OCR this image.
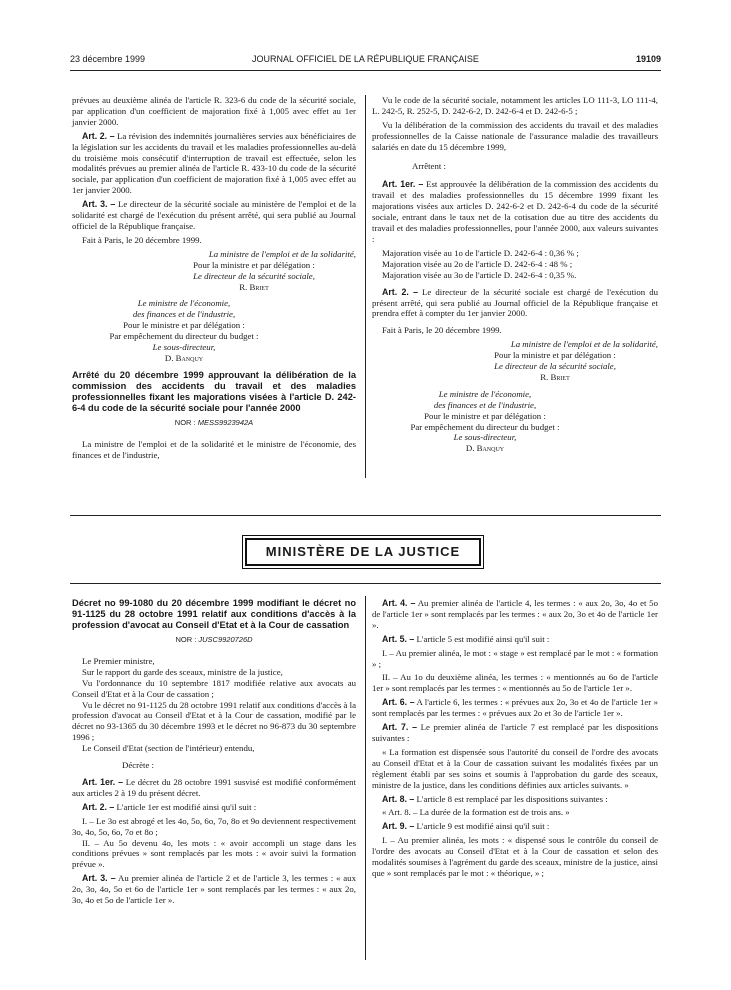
23 décembre 1999	JOURNAL OFFICIEL DE LA RÉPUBLIQUE FRANÇAISE	19109

prévues au deuxième alinéa de l'article R. 323-6 du code de la sécurité sociale, par application d'un coefficient de majoration fixé à 1,005 avec effet au 1er janvier 2000.

Art. 2. – La révision des indemnités journalières servies aux bénéficiaires de la législation sur les accidents du travail et les maladies professionnelles au-delà du troisième mois consécutif d'interruption de travail est effectuée, selon les modalités prévues au premier alinéa de l'article R. 433-10 du code de la sécurité sociale, par application d'un coefficient de majoration fixé à 1,005 avec effet au 1er janvier 2000.

Art. 3. – Le directeur de la sécurité sociale au ministère de l'emploi et de la solidarité est chargé de l'exécution du présent arrêté, qui sera publié au Journal officiel de la République française.

Fait à Paris, le 20 décembre 1999.

La ministre de l'emploi et de la solidarité,

Pour la ministre et par délégation :

Le directeur de la sécurité sociale,

R. Briet

Le ministre de l'économie,

des finances et de l'industrie,

Pour le ministre et par délégation :

Par empêchement du directeur du budget :

Le sous-directeur,

D. Banquy

Arrêté du 20 décembre 1999 approuvant la délibération de la commission des accidents du travail et des maladies professionnelles fixant les majorations visées à l'article D. 242-6-4 du code de la sécurité sociale pour l'année 2000

NOR : MESS9923942A

La ministre de l'emploi et de la solidarité et le ministre de l'économie, des finances et de l'industrie,

Vu le code de la sécurité sociale, notamment les articles LO 111-3, LO 111-4, L. 242-5, R. 252-5, D. 242-6-2, D. 242-6-4 et D. 242-6-5 ;

Vu la délibération de la commission des accidents du travail et des maladies professionnelles de la Caisse nationale de l'assurance maladie des travailleurs salariés en date du 15 décembre 1999,

Arrêtent :

Art. 1er. – Est approuvée la délibération de la commission des accidents du travail et des maladies professionnelles du 15 décembre 1999 fixant les majorations visées aux articles D. 242-6-2 et D. 242-6-4 du code de la sécurité sociale, entrant dans le taux net de la cotisation due au titre des accidents du travail et des maladies professionnelles, pour l'année 2000, aux valeurs suivantes :

Majoration visée au 1o de l'article D. 242-6-4 : 0,36 % ;
Majoration visée au 2o de l'article D. 242-6-4 : 48 % ;
Majoration visée au 3o de l'article D. 242-6-4 : 0,35 %.

Art. 2. – Le directeur de la sécurité sociale est chargé de l'exécution du présent arrêté, qui sera publié au Journal officiel de la République française et prendra effet à compter du 1er janvier 2000.

Fait à Paris, le 20 décembre 1999.

La ministre de l'emploi et de la solidarité,

Pour la ministre et par délégation :

Le directeur de la sécurité sociale,

R. Briet

Le ministre de l'économie,

des finances et de l'industrie,

Pour le ministre et par délégation :

Par empêchement du directeur du budget :

Le sous-directeur,

D. Banquy

MINISTÈRE DE LA JUSTICE

Décret no 99-1080 du 20 décembre 1999 modifiant le décret no 91-1125 du 28 octobre 1991 relatif aux conditions d'accès à la profession d'avocat au Conseil d'Etat et à la Cour de cassation

NOR : JUSC9920726D

Le Premier ministre,

Sur le rapport du garde des sceaux, ministre de la justice,

Vu l'ordonnance du 10 septembre 1817 modifiée relative aux avocats au Conseil d'Etat et à la Cour de cassation ;

Vu le décret no 91-1125 du 28 octobre 1991 relatif aux conditions d'accès à la profession d'avocat au Conseil d'Etat et à la Cour de cassation, modifié par le décret no 93-1365 du 30 décembre 1993 et le décret no 96-873 du 30 septembre 1996 ;

Le Conseil d'Etat (section de l'intérieur) entendu,

Décrète :

Art. 1er. – Le décret du 28 octobre 1991 susvisé est modifié conformément aux articles 2 à 19 du présent décret.

Art. 2. – L'article 1er est modifié ainsi qu'il suit :

I. – Le 3o est abrogé et les 4o, 5o, 6o, 7o, 8o et 9o deviennent respectivement 3o, 4o, 5o, 6o, 7o et 8o ;

II. – Au 5o devenu 4o, les mots : « avoir accompli un stage dans les conditions prévues » sont remplacés par les mots : « avoir suivi la formation prévue ».

Art. 3. – Au premier alinéa de l'article 2 et de l'article 3, les termes : « aux 2o, 3o, 4o, 5o et 6o de l'article 1er » sont remplacés par les termes : « aux 2o, 3o, 4o et 5o de l'article 1er ».

Art. 4. – Au premier alinéa de l'article 4, les termes : « aux 2o, 3o, 4o et 5o de l'article 1er » sont remplacés par les termes : « aux 2o, 3o et 4o de l'article 1er ».

Art. 5. – L'article 5 est modifié ainsi qu'il suit :

I. – Au premier alinéa, le mot : « stage » est remplacé par le mot : « formation » ;

II. – Au 1o du deuxième alinéa, les termes : « mentionnés au 6o de l'article 1er » sont remplacés par les termes : « mentionnés au 5o de l'article 1er ».

Art. 6. – A l'article 6, les termes : « prévues aux 2o, 3o et 4o de l'article 1er » sont remplacés par les termes : « prévues aux 2o et 3o de l'article 1er ».

Art. 7. – Le premier alinéa de l'article 7 est remplacé par les dispositions suivantes :

« La formation est dispensée sous l'autorité du conseil de l'ordre des avocats au Conseil d'Etat et à la Cour de cassation suivant les modalités fixées par un règlement établi par ses soins et soumis à l'approbation du garde des sceaux, ministre de la justice, dans les conditions définies aux articles suivants. »

Art. 8. – L'article 8 est remplacé par les dispositions suivantes :

« Art. 8. – La durée de la formation est de trois ans. »

Art. 9. – L'article 9 est modifié ainsi qu'il suit :

I. – Au premier alinéa, les mots : « dispensé sous le contrôle du conseil de l'ordre des avocats au Conseil d'Etat et à la Cour de cassation et selon des modalités soumises à l'agrément du garde des sceaux, ministre de la justice, ainsi que » sont remplacés par le mot : « théorique, » ;
